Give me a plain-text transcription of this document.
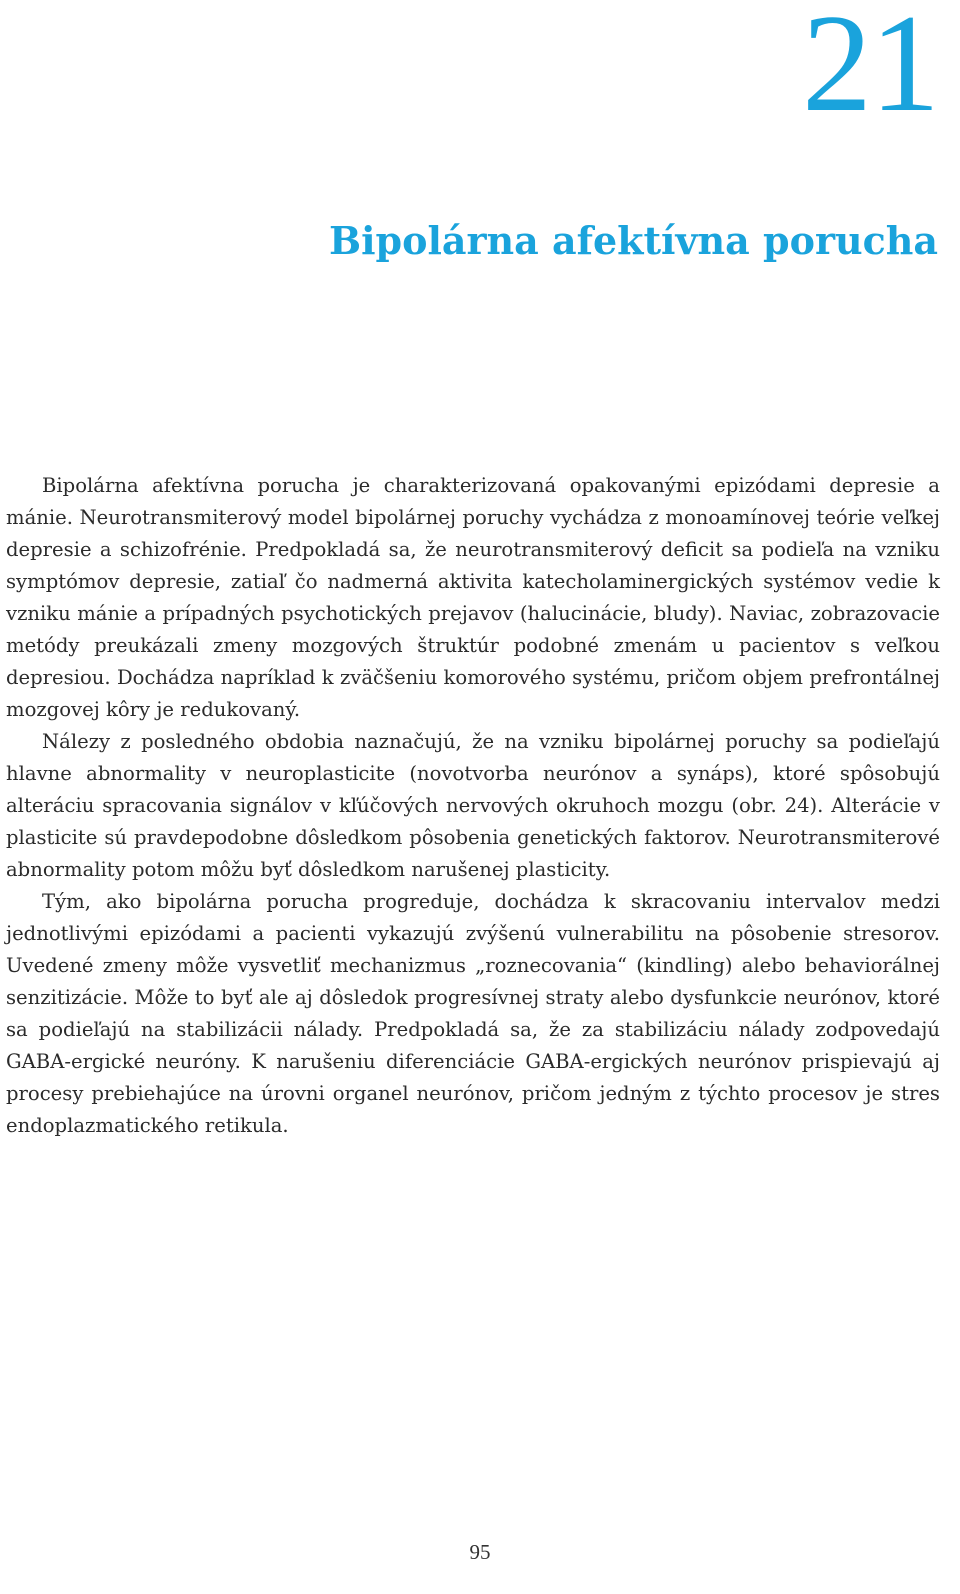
21
Bipolárna afektívna porucha

Bipolárna afektívna porucha je charakterizovaná opakovanými epizódami depresie a mánie. Neurotransmiterový model bipolárnej poruchy vychádza z monoamínovej teórie veľkej depresie a schizofrénie. Predpokladá sa, že neurotransmiterový deficit sa podieľa na vzniku symptómov depresie, zatiaľ čo nadmerná aktivita katecholaminergických systémov vedie k vzniku mánie a prípadných psychotických prejavov (halucinácie, bludy). Naviac, zobrazovacie metódy preukázali zmeny mozgových štruktúr podobné zmenám u pacientov s veľkou depresiou. Dochádza napríklad k zväčšeniu komorového systému, pričom objem prefrontálnej mozgovej kôry je redukovaný.

Nálezy z posledného obdobia naznačujú, že na vzniku bipolárnej poruchy sa podieľajú hlavne abnormality v neuroplasticite (novotvorba neurónov a synáps), ktoré spôsobujú alteráciu spracovania signálov v kľúčových nervových okruhoch mozgu (obr. 24). Alterácie v plasticite sú pravdepodobne dôsledkom pôsobenia genetických faktorov. Neurotransmiterové abnormality potom môžu byť dôsledkom narušenej plasticity.

Tým, ako bipolárna porucha progreduje, dochádza k skracovaniu intervalov medzi jednotlivými epizódami a pacienti vykazujú zvýšenú vulnerabilitu na pôsobenie stresorov. Uvedené zmeny môže vysvetliť mechanizmus „roznecovania“ (kindling) alebo behaviorálnej senzitizácie. Môže to byť ale aj dôsledok progresívnej straty alebo dysfunkcie neurónov, ktoré sa podieľajú na stabilizácii nálady. Predpokladá sa, že za stabilizáciu nálady zodpovedajú GABA-ergické neuróny. K narušeniu diferenciácie GABA-ergických neurónov prispievajú aj procesy prebiehajúce na úrovni organel neurónov, pričom jedným z týchto procesov je stres endoplazmatického retikula.

95
